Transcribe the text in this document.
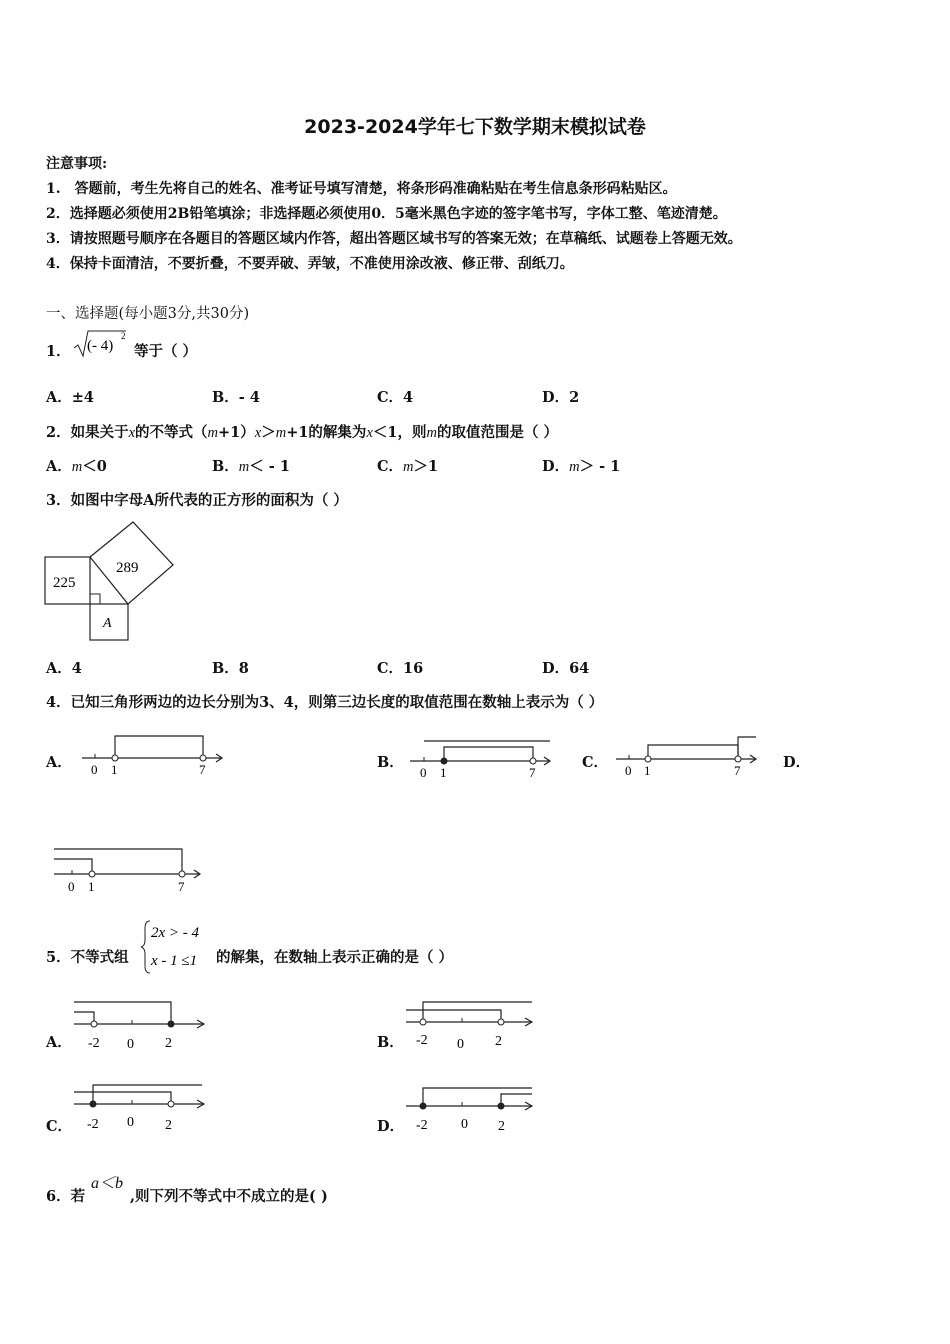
2023-2024学年七下数学期末模拟试卷
注意事项:
1.　答题前，考生先将自己的姓名、准考证号填写清楚，将条形码准确粘贴在考生信息条形码粘贴区。
2．选择题必须使用2B铅笔填涂；非选择题必须使用0．5毫米黑色字迹的签字笔书写，字体工整、笔迹清楚。
3．请按照题号顺序在各题目的答题区域内作答，超出答题区域书写的答案无效；在草稿纸、试题卷上答题无效。
4．保持卡面清洁，不要折叠，不要弄破、弄皱，不准使用涂改液、修正带、刮纸刀。
一、选择题(每小题3分,共30分)
1． (- 4)
2
等于（ ）
A．±4	B．- 4	C．4	D．2
2．如果关于x的不等式（m+1）x＞m+1的解集为x＜1，则m的取值范围是（ ）
A．m＜0	B．m＜ - 1	C．m＞1	D．m＞ - 1
3．如图中字母A所代表的正方形的面积为（ ）
225
289
A
A．4	B．8	C．16	D．64
4．已知三角形两边的边长分别为3、4，则第三边长度的取值范围在数轴上表示为（ ）
A．	B．	C．	D．
0 1	7	0 1	7	0 1	7
0 1	7
5．不等式组
2x > - 4
x - 1 ≤1 的解集，在数轴上表示正确的是（ ）
A．	B．
C．	D．
-2 0 2	-2 0 2
-2 0 2	-2 0 2
6．若
a＜b
,则下列不等式中不成立的是( )
